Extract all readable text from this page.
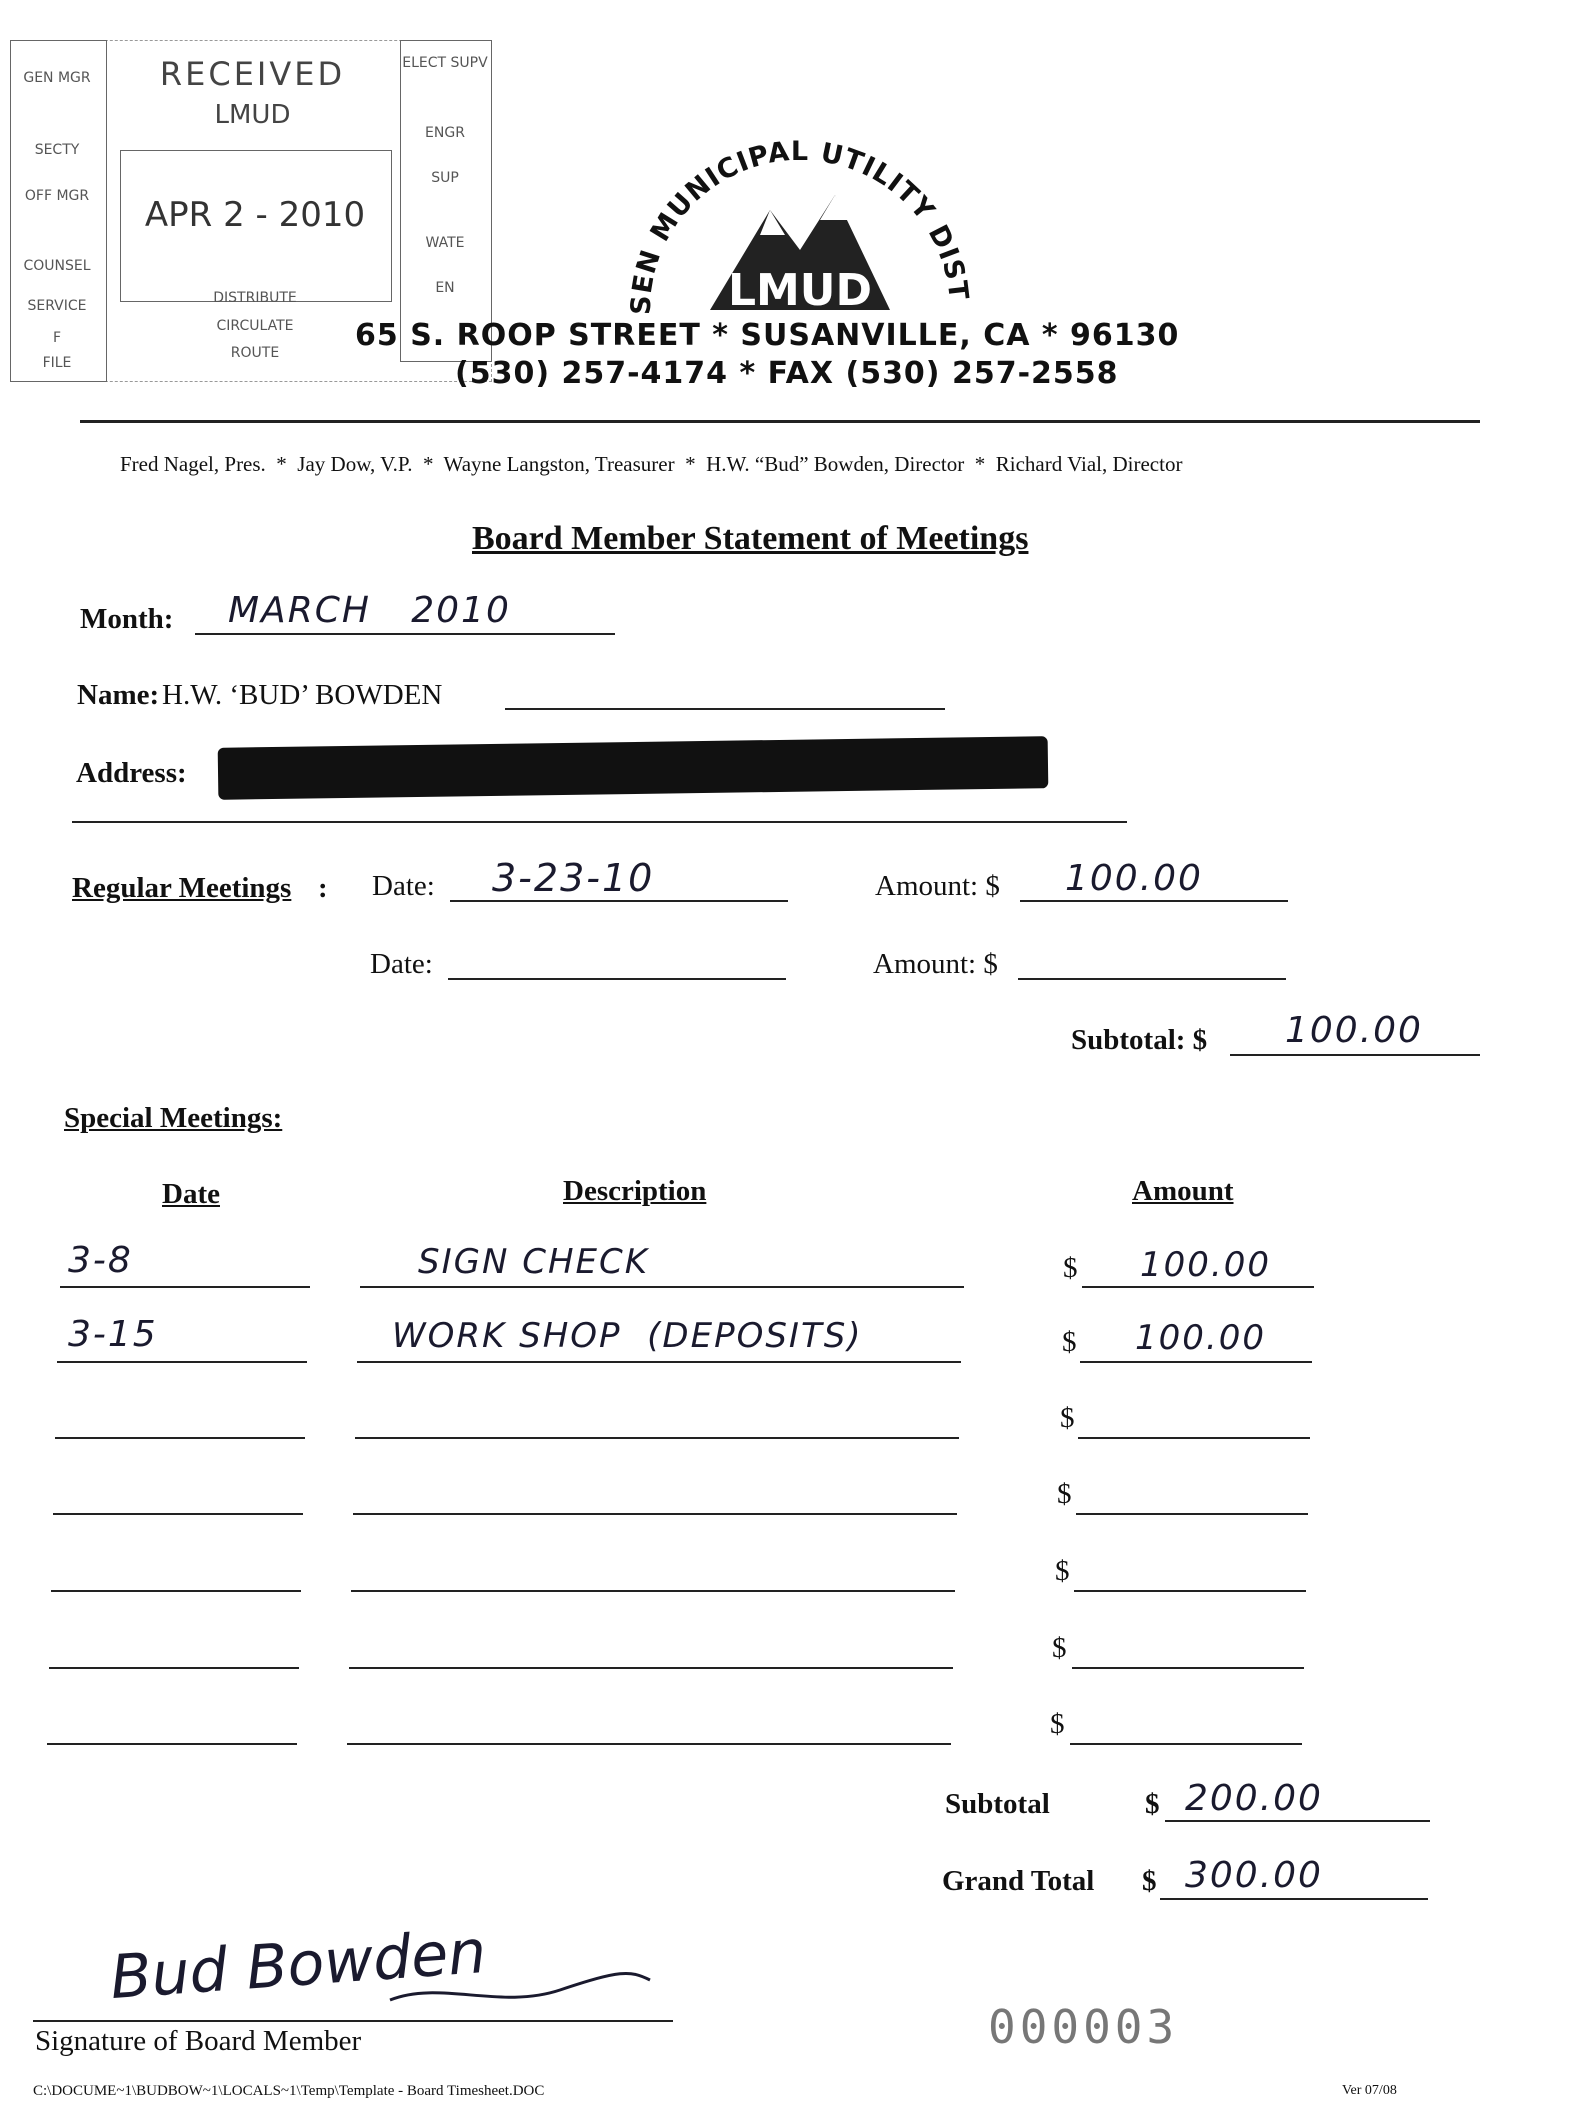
RECEIVED
LMUD
APR 2 - 2010
GEN MGR
SECTY
OFF MGR
COUNSEL
SERVICE
F
FILE
ELECT SUPV
ENGR
SUP
WATE
EN
DISTRIBUTE
CIRCULATE
ROUTE
SEN MUNICIPAL UTILITY DIST
LMUD
65 S. ROOP STREET * SUSANVILLE, CA * 96130
(530) 257-4174 * FAX (530) 257-2558
Fred Nagel, Pres.  *  Jay Dow, V.P.  *  Wayne Langston, Treasurer  *  H.W. “Bud” Bowden, Director  *  Richard Vial, Director
Board Member Statement of Meetings
Month: MARCH   2010
Name: H.W. ‘BUD’ BOWDEN
Address:
Regular Meetings : Date: 3-23-10	Amount: $ 100.00
Date:	Amount: $
Subtotal: $ 100.00
Special Meetings:
Date	Description	Amount
3-8	SIGN CHECK	$ 100.00
3-15	WORK SHOP  (DEPOSITS)	$ 100.00
$
$
$
$
$
Subtotal	$ 200.00
Grand Total $ 300.00
Bud Bowden
Signature of Board Member	000003
C:\DOCUME~1\BUDBOW~1\LOCALS~1\Temp\Template - Board Timesheet.DOC	Ver 07/08
